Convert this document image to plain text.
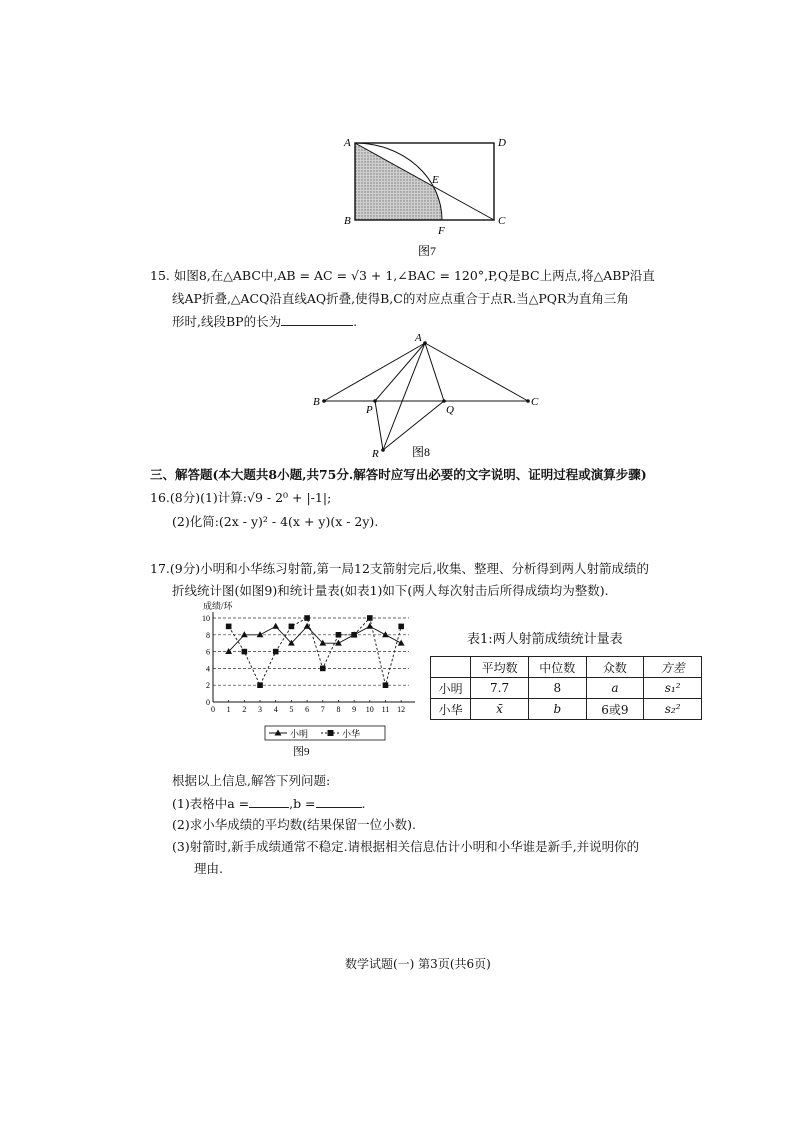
A	D
B	C
E
F
图7
15. 如图8,在△ABC中,AB = AC = √3 + 1,∠BAC = 120°,P,Q是BC上两点,将△ABP沿直
线AP折叠,△ACQ沿直线AQ折叠,使得B,C的对应点重合于点R.当△PQR为直角三角
形时,线段BP的长为	.
A
B	C
P	Q
R	图8
三、解答题(本大题共8小题,共75分.解答时应写出必要的文字说明、证明过程或演算步骤)
16.(8分)(1)计算:√9 - 2⁰ + |-1|;
(2)化简:(2x - y)² - 4(x + y)(x - 2y).
17.(9分)小明和小华练习射箭,第一局12支箭射完后,收集、整理、分析得到两人射箭成绩的
折线统计图(如图9)和统计量表(如表1)如下(两人每次射击后所得成绩均为整数).
成绩/环
0
2
4
6
8
10
0 1 2 3 4 5 6 7 8 9 10 11 12
小明	小华
图9
表1:两人射箭成绩统计量表
	平均数	中位数	众数	方差
小明	7.7	8	a	s₁²
小华	x̄	b	6或9	s₂²
根据以上信息,解答下列问题:
(1)表格中a =	,b =	.
(2)求小华成绩的平均数(结果保留一位小数).
(3)射箭时,新手成绩通常不稳定.请根据相关信息估计小明和小华谁是新手,并说明你的
理由.
数学试题(一) 第3页(共6页)
